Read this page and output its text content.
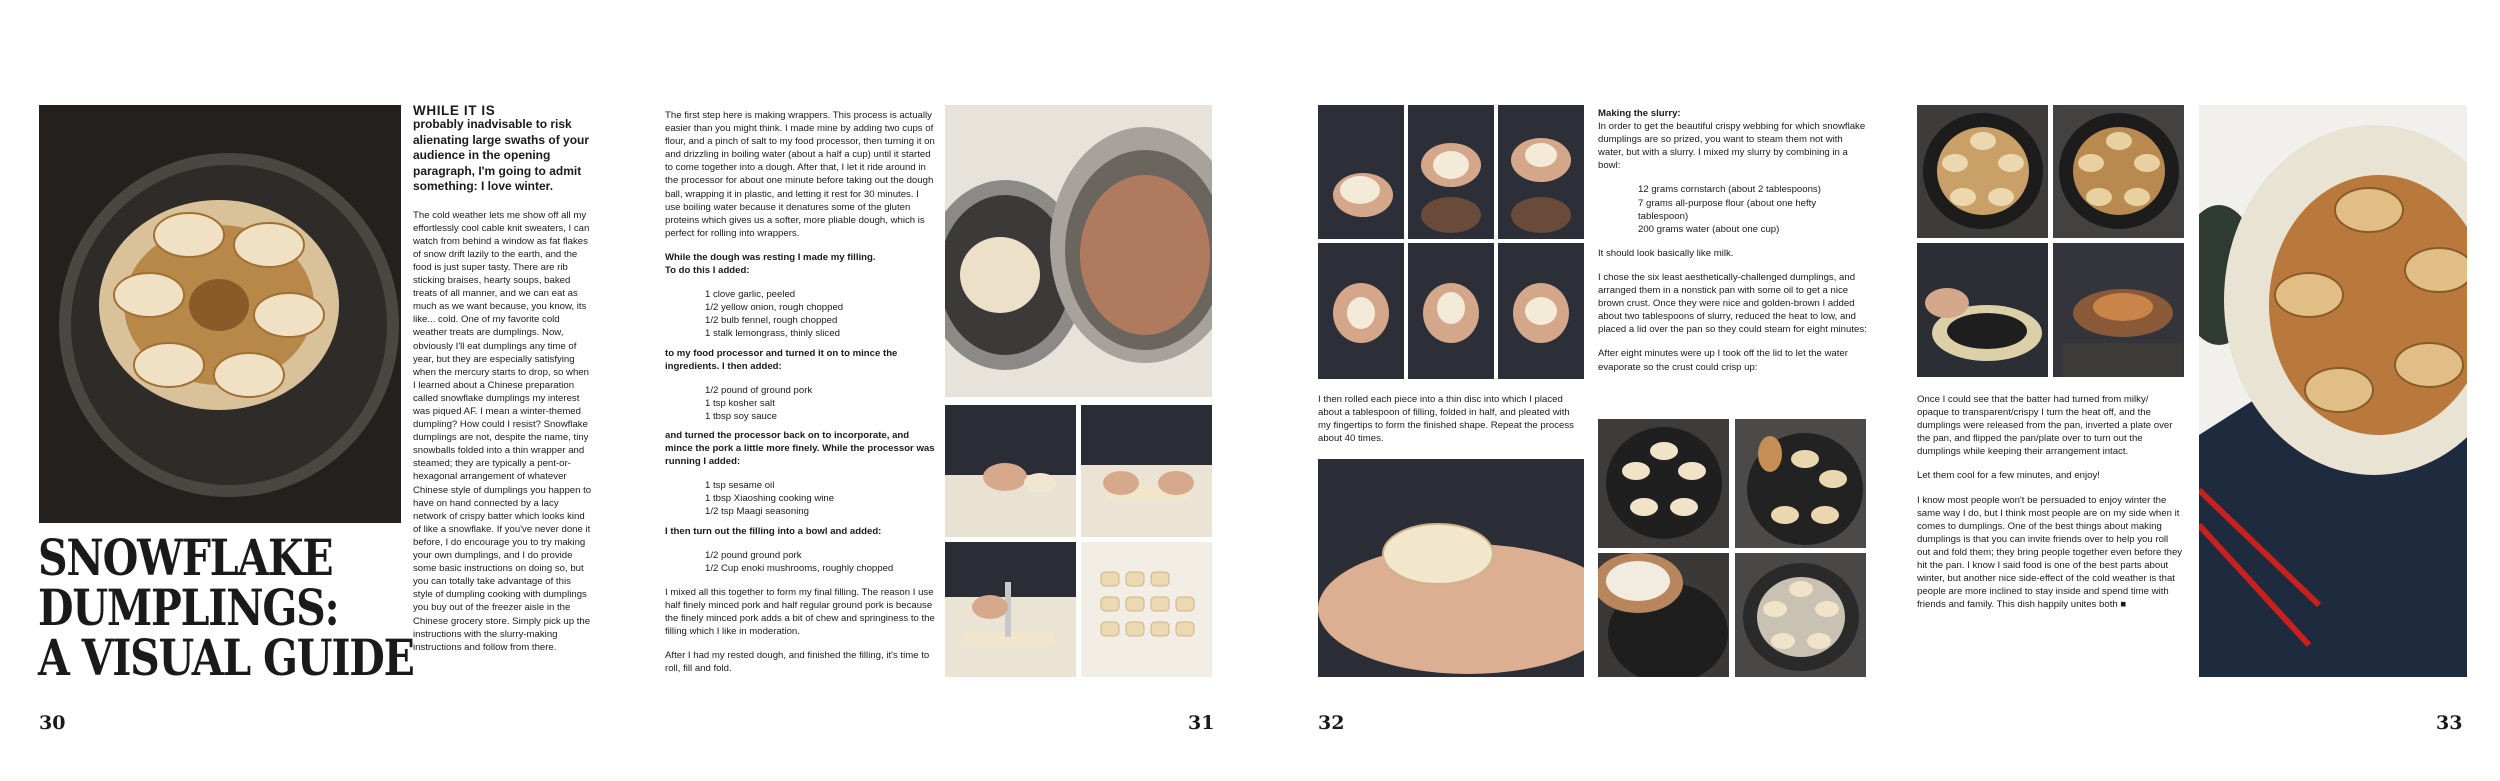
SNOWFLAKE
DUMPLINGS:
A VISUAL GUIDE
WHILE IT IS
probably inadvisable to risk alienating large swaths of your audience in the opening paragraph, I'm going to admit something: I love winter.

The cold weather lets me show off all my effortlessly cool cable knit sweaters, I can watch from behind a window as fat flakes of snow drift lazily to the earth, and the food is just super tasty. There are rib sticking braises, hearty soups, baked treats of all manner, and we can eat as much as we want because, you know, its like... cold. One of my favorite cold weather treats are dumplings. Now, obviously I'll eat dumplings any time of year, but they are especially satisfying when the mercury starts to drop, so when I learned about a Chinese preparation called snowflake dumplings my interest was piqued AF. I mean a winter-themed dumpling? How could I resist? Snowflake dumplings are not, despite the name, tiny snowballs folded into a thin wrapper and steamed; they are typically a pent-or-hexagonal arrangement of whatever Chinese style of dumplings you happen to have on hand connected by a lacy network of crispy batter which looks kind of like a snowflake. If you've never done it before, I do encourage you to try making your own dumplings, and I do provide some basic instructions on doing so, but you can totally take advantage of this style of dumpling cooking with dumplings you buy out of the freezer aisle in the Chinese grocery store. Simply pick up the instructions with the slurry-making instructions and follow from there.

30

The first step here is making wrappers. This process is actually easier than you might think. I made mine by adding two cups of flour, and a pinch of salt to my food processor, then turning it on and drizzling in boiling water (about a half a cup) until it started to come together into a dough. After that, I let it ride around in the processor for about one minute before taking out the dough ball, wrapping it in plastic, and letting it rest for 30 minutes. I use boiling water because it denatures some of the gluten proteins which gives us a softer, more pliable dough, which is perfect for rolling into wrappers.

While the dough was resting I made my filling.
To do this I added:
1 clove garlic, peeled
1/2 yellow onion, rough chopped
1/2 bulb fennel, rough chopped
1 stalk lemongrass, thinly sliced

to my food processor and turned it on to mince the ingredients. I then added:

1/2 pound of ground pork
1 tsp kosher salt
1 tbsp soy sauce

and turned the processor back on to incorporate, and mince the pork a little more finely. While the processor was running I added:

1 tsp sesame oil
1 tbsp Xiaoshing cooking wine
1/2 tsp Maagi seasoning

I then turn out the filling into a bowl and added:

1/2 pound ground pork
1/2 Cup enoki mushrooms, roughly chopped

I mixed all this together to form my final filling. The reason I use half finely minced pork and half regular ground pork is because the finely minced pork adds a bit of chew and springiness to the filling which I like in moderation.

After I had my rested dough, and finished the filling, it's time to roll, fill and fold.

31
I then rolled each piece into a thin disc into which I placed about a tablespoon of filling, folded in half, and pleated with my fingertips to form the finished shape. Repeat the process about 40 times.
Making the slurry:

In order to get the beautiful crispy webbing for which snowflake dumplings are so prized, you want to steam them not with water, but with a slurry. I mixed my slurry by combining in a bowl:

12 grams cornstarch (about 2 tablespoons)
7 grams all-purpose flour (about one hefty
tablespoon)
200 grams water (about one cup)

It should look basically like milk.

I chose the six least aesthetically-challenged dumplings, and arranged them in a nonstick pan with some oil to get a nice brown crust. Once they were nice and golden-brown I added about two tablespoons of slurry, reduced the heat to low, and placed a lid over the pan so they could steam for eight minutes:

After eight minutes were up I took off the lid to let the water evaporate so the crust could crisp up:

32

Once I could see that the batter had turned from milky/ opaque to transparent/crispy I turn the heat off, and the dumplings were released from the pan, inverted a plate over the pan, and flipped the pan/plate over to turn out the dumplings while keeping their arrangement intact.

Let them cool for a few minutes, and enjoy!

I know most people won't be persuaded to enjoy winter the same way I do, but I think most people are on my side when it comes to dumplings. One of the best things about making dumplings is that you can invite friends over to help you roll out and fold them; they bring people together even before they hit the pan. I know I said food is one of the best parts about winter, but another nice side-effect of the cold weather is that people are more inclined to stay inside and spend time with friends and family. This dish happily unites both ■

33
